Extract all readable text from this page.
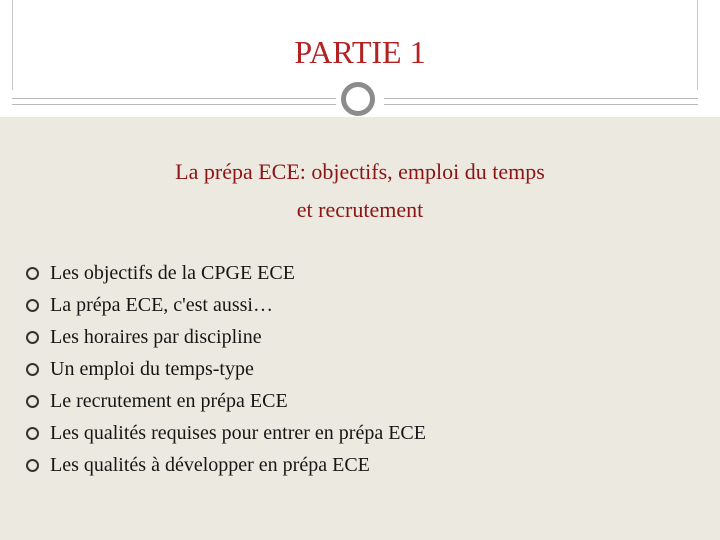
PARTIE 1
La prépa ECE: objectifs, emploi du temps
et recrutement
Les objectifs de la CPGE ECE
La prépa ECE, c'est aussi…
Les horaires par discipline
Un emploi du temps-type
Le recrutement en prépa ECE
Les qualités requises pour entrer en prépa ECE
Les qualités à développer en prépa ECE
